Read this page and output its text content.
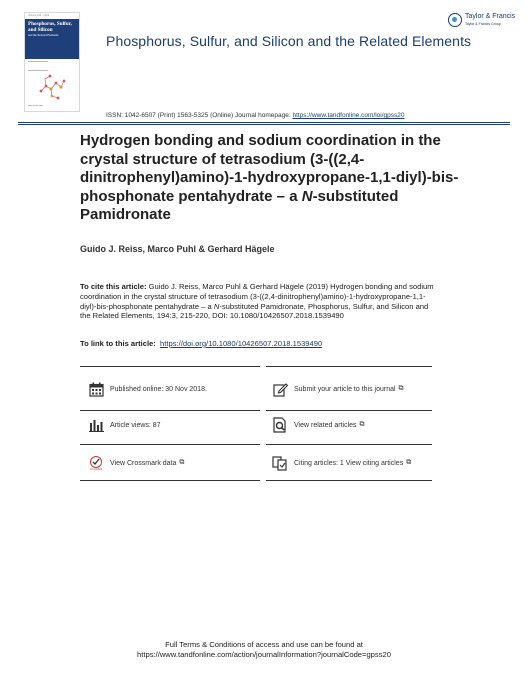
Volume 194 · 2019
Phosphorus, Sulfur, and Silicon
and the Related Elements
▬▬ ▬▬▬ ▬▬
Phosphorus, Sulfur, and Silicon and the Related Elements
Taylor & Francis
Taylor & Francis Group
ISSN: 1042-6507 (Print) 1563-5325 (Online) Journal homepage: https://www.tandfonline.com/loi/gpss20
Hydrogen bonding and sodium coordination in the crystal structure of tetrasodium (3-((2,4-dinitrophenyl)amino)-1-hydroxypropane-1,1-diyl)-bis-phosphonate pentahydrate – a N-substituted Pamidronate
Guido J. Reiss, Marco Puhl & Gerhard Hägele
To cite this article: Guido J. Reiss, Marco Puhl & Gerhard Hägele (2019) Hydrogen bonding and sodium coordination in the crystal structure of tetrasodium (3-((2,4-dinitrophenyl)amino)-1-hydroxypropane-1,1-diyl)-bis-phosphonate pentahydrate – a N-substituted Pamidronate, Phosphorus, Sulfur, and Silicon and the Related Elements, 194:3, 215-220, DOI: 10.1080/10426507.2018.1539490
To link to this article: https://doi.org/10.1080/10426507.2018.1539490
Published online: 30 Nov 2018.	Submit your article to this journal ⧉
Article views: 87	View related articles ⧉
CrossMark
View Crossmark data ⧉	Citing articles: 1 View citing articles ⧉
Full Terms & Conditions of access and use can be found at
https://www.tandfonline.com/action/journalInformation?journalCode=gpss20
